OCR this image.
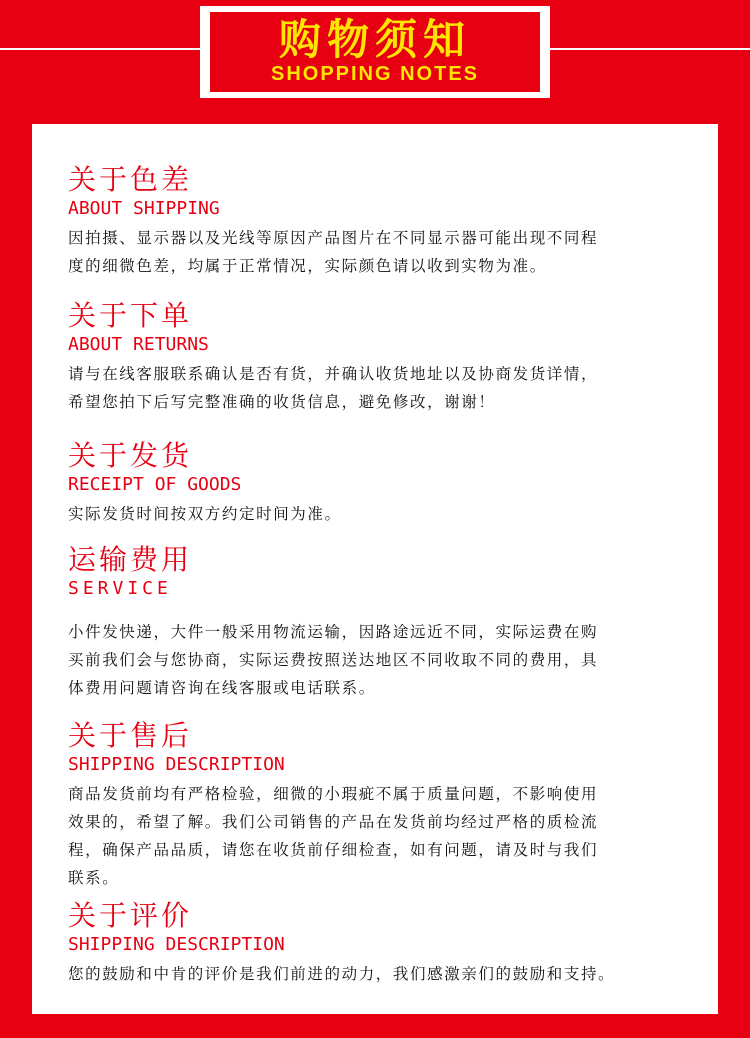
购物须知
SHOPPING NOTES
关于色差
ABOUT SHIPPING
因拍摄、显示器以及光线等原因产品图片在不同显示器可能出现不同程
度的细微色差，均属于正常情况，实际颜色请以收到实物为准。
关于下单
ABOUT RETURNS
请与在线客服联系确认是否有货，并确认收货地址以及协商发货详情，
希望您拍下后写完整准确的收货信息，避免修改，谢谢！
关于发货
RECEIPT OF GOODS
实际发货时间按双方约定时间为准。
运输费用
SERVICE
小件发快递，大件一般采用物流运输，因路途远近不同，实际运费在购
买前我们会与您协商，实际运费按照送达地区不同收取不同的费用，具
体费用问题请咨询在线客服或电话联系。
关于售后
SHIPPING DESCRIPTION
商品发货前均有严格检验，细微的小瑕疵不属于质量问题，不影响使用
效果的，希望了解。我们公司销售的产品在发货前均经过严格的质检流
程，确保产品品质，请您在收货前仔细检查，如有问题，请及时与我们
联系。
关于评价
SHIPPING DESCRIPTION
您的鼓励和中肯的评价是我们前进的动力，我们感激亲们的鼓励和支持。
